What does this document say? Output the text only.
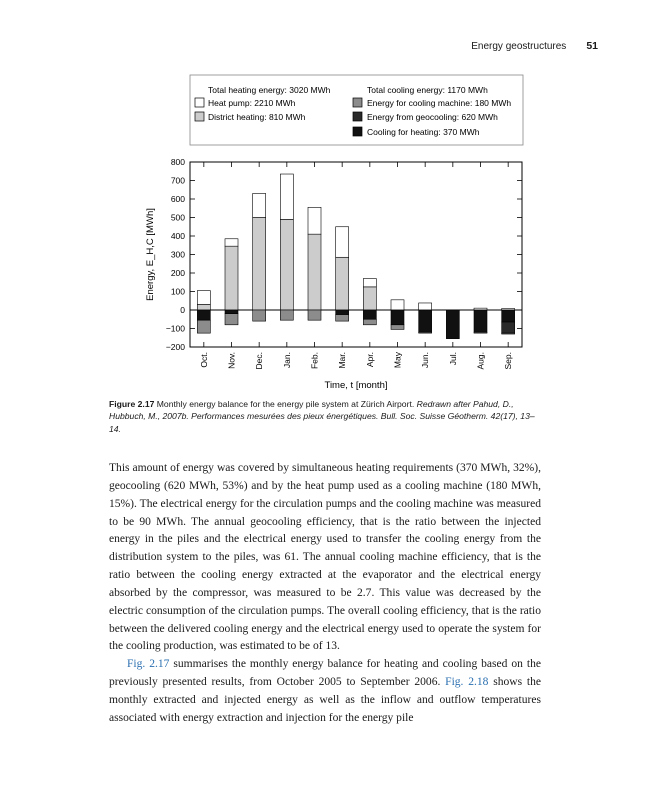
Energy geostructures 51
Total heating energy: 3020 MWh
Heat pump: 2210 MWh
District heating: 810 MWh
Total cooling energy: 1170 MWh
Energy for cooling machine: 180 MWh
Energy from geocooling: 620 MWh
Cooling for heating: 370 MWh
−200
−100
0
100
200
300
400
500
600
700
800
Energy, E_H,C [MWh]
Oct. Nov. Dec. Jan. Feb. Mar. Apr. May Jun. Jul. Aug. Sep.
Time, t [month]
Figure 2.17 Monthly energy balance for the energy pile system at Zürich Airport. Redrawn after Pahud, D., Hubbuch, M., 2007b. Performances mesurées des pieux énergétiques. Bull. Soc. Suisse Géotherm. 42(17), 13–14.

This amount of energy was covered by simultaneous heating requirements (370 MWh, 32%), geocooling (620 MWh, 53%) and by the heat pump used as a cooling machine (180 MWh, 15%). The electrical energy for the circulation pumps and the cooling machine was measured to be 90 MWh. The annual geocooling efficiency, that is the ratio between the injected energy in the piles and the electrical energy used to transfer the cooling energy from the distribution system to the piles, was 61. The annual cooling machine efficiency, that is the ratio between the cooling energy extracted at the evaporator and the electrical energy absorbed by the compressor, was measured to be 2.7. This value was decreased by the electric consumption of the circulation pumps. The overall cooling efficiency, that is the ratio between the delivered cooling energy and the electrical energy used to operate the system for the cooling production, was estimated to be of 13.

Fig. 2.17 summarises the monthly energy balance for heating and cooling based on the previously presented results, from October 2005 to September 2006. Fig. 2.18 shows the monthly extracted and injected energy as well as the inflow and outflow temperatures associated with energy extraction and injection for the energy pile
